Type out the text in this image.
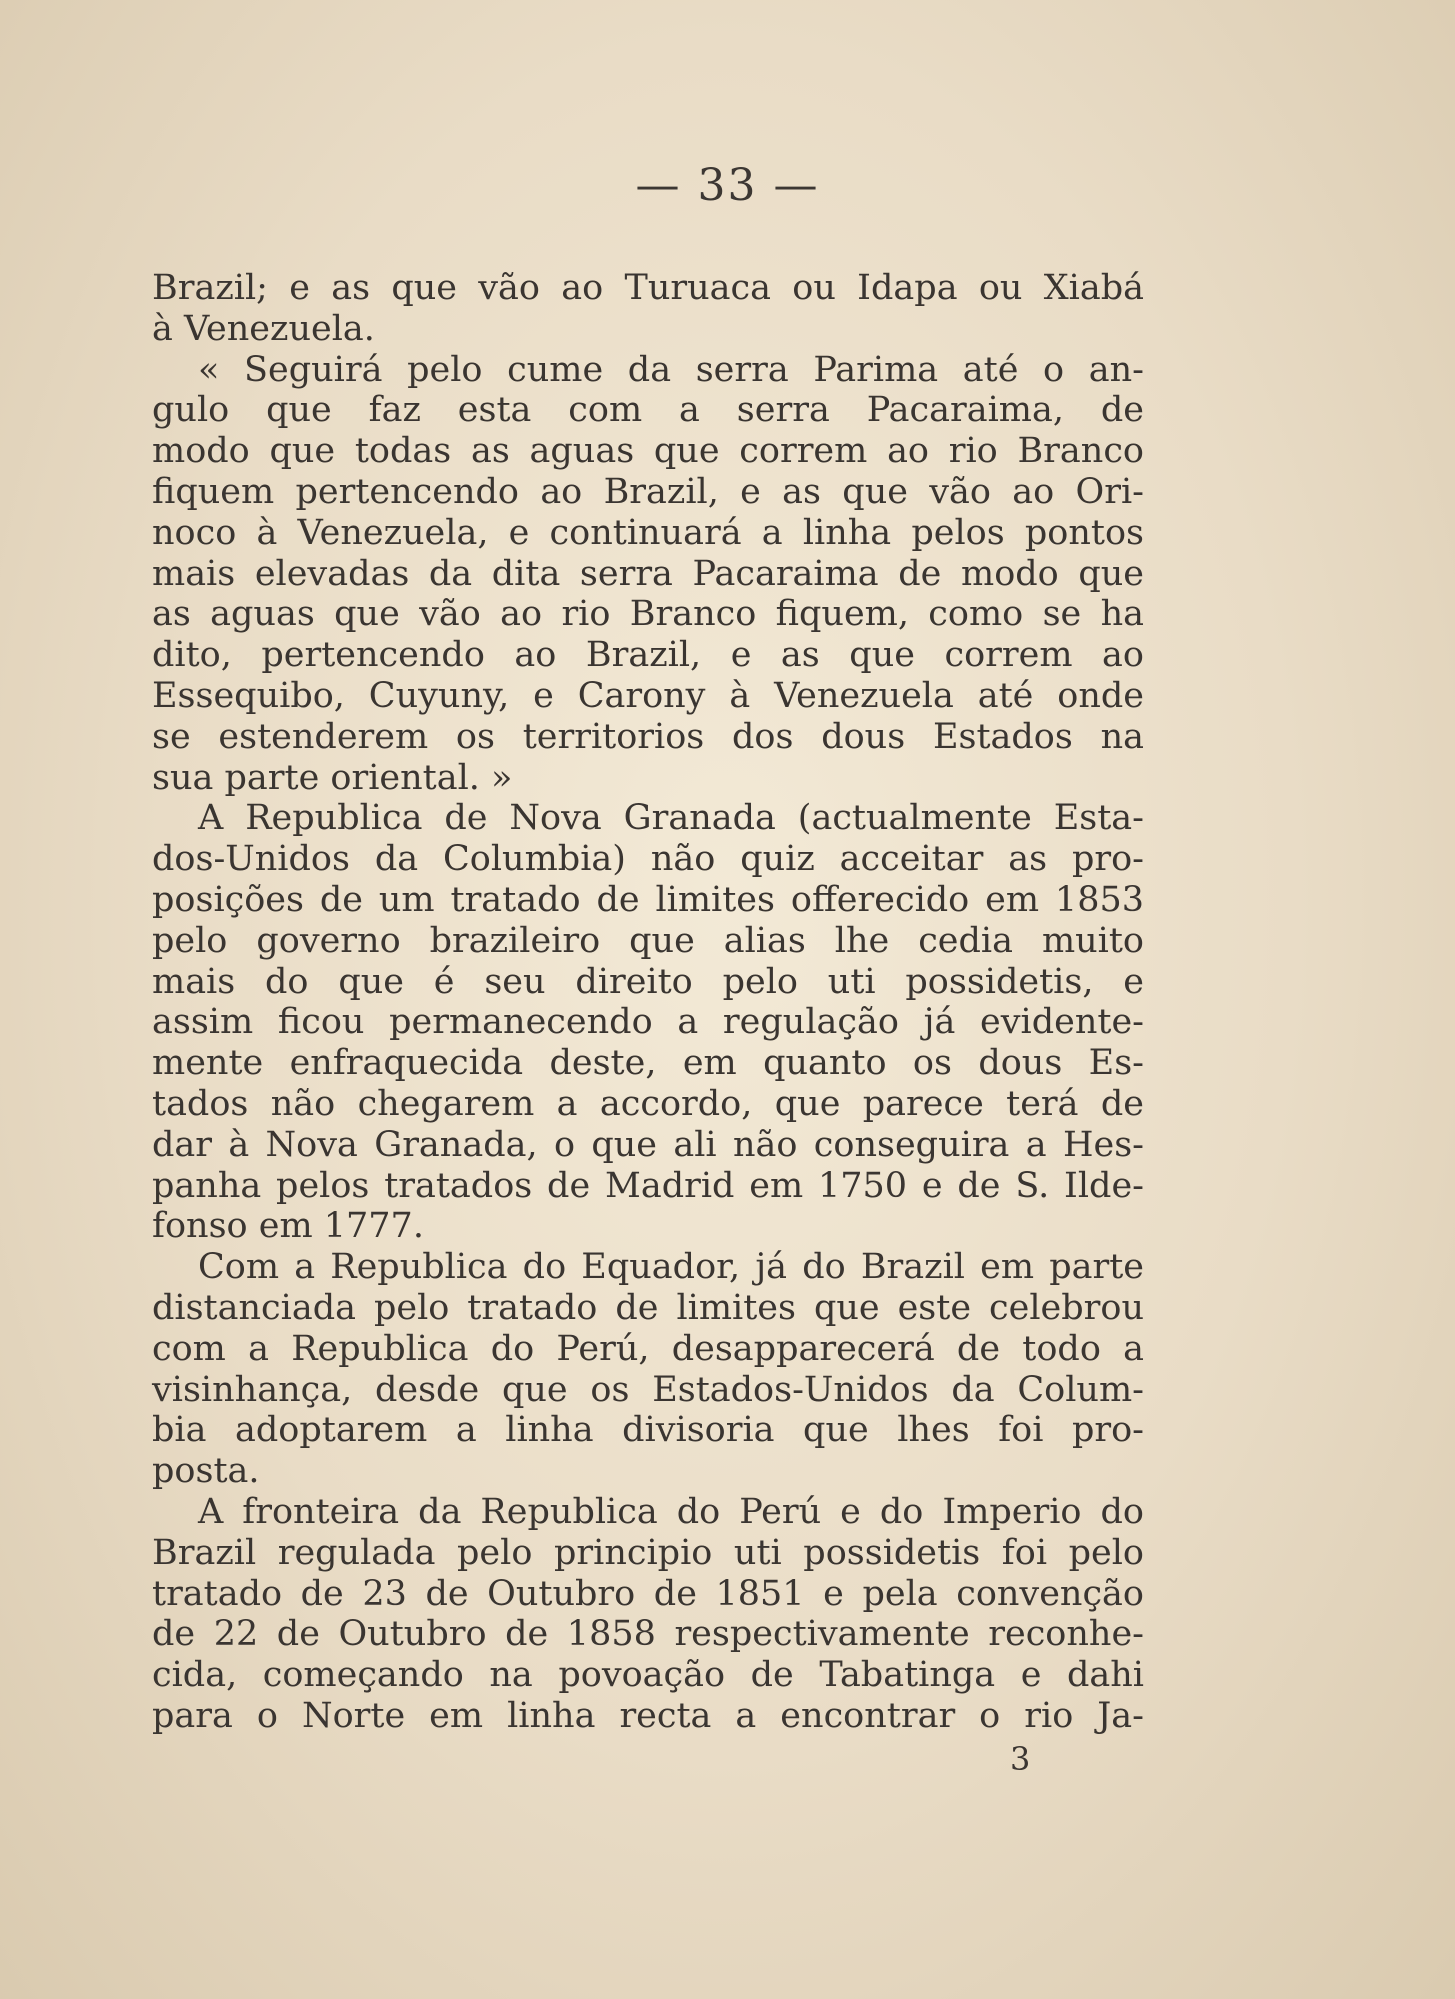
— 33 —
Brazil; e as que vão ao Turuaca ou Idapa ou Xiabá
à Venezuela.
« Seguirá pelo cume da serra Parima até o an-
gulo que faz esta com a serra Pacaraima, de
modo que todas as aguas que correm ao rio Branco
fiquem pertencendo ao Brazil, e as que vão ao Ori-
noco à Venezuela, e continuará a linha pelos pontos
mais elevadas da dita serra Pacaraima de modo que
as aguas que vão ao rio Branco fiquem, como se ha
dito, pertencendo ao Brazil, e as que correm ao
Essequibo, Cuyuny, e Carony à Venezuela até onde
se estenderem os territorios dos dous Estados na
sua parte oriental. »
A Republica de Nova Granada (actualmente Esta-
dos-Unidos da Columbia) não quiz acceitar as pro-
posições de um tratado de limites offerecido em 1853
pelo governo brazileiro que alias lhe cedia muito
mais do que é seu direito pelo uti possidetis, e
assim ficou permanecendo a regulação já evidente-
mente enfraquecida deste, em quanto os dous Es-
tados não chegarem a accordo, que parece terá de
dar à Nova Granada, o que ali não conseguira a Hes-
panha pelos tratados de Madrid em 1750 e de S. Ilde-
fonso em 1777.
Com a Republica do Equador, já do Brazil em parte
distanciada pelo tratado de limites que este celebrou
com a Republica do Perú, desapparecerá de todo a
visinhança, desde que os Estados-Unidos da Colum-
bia adoptarem a linha divisoria que lhes foi pro-
posta.
A fronteira da Republica do Perú e do Imperio do
Brazil regulada pelo principio uti possidetis foi pelo
tratado de 23 de Outubro de 1851 e pela convenção
de 22 de Outubro de 1858 respectivamente reconhe-
cida, começando na povoação de Tabatinga e dahi
para o Norte em linha recta a encontrar o rio Ja-
3
